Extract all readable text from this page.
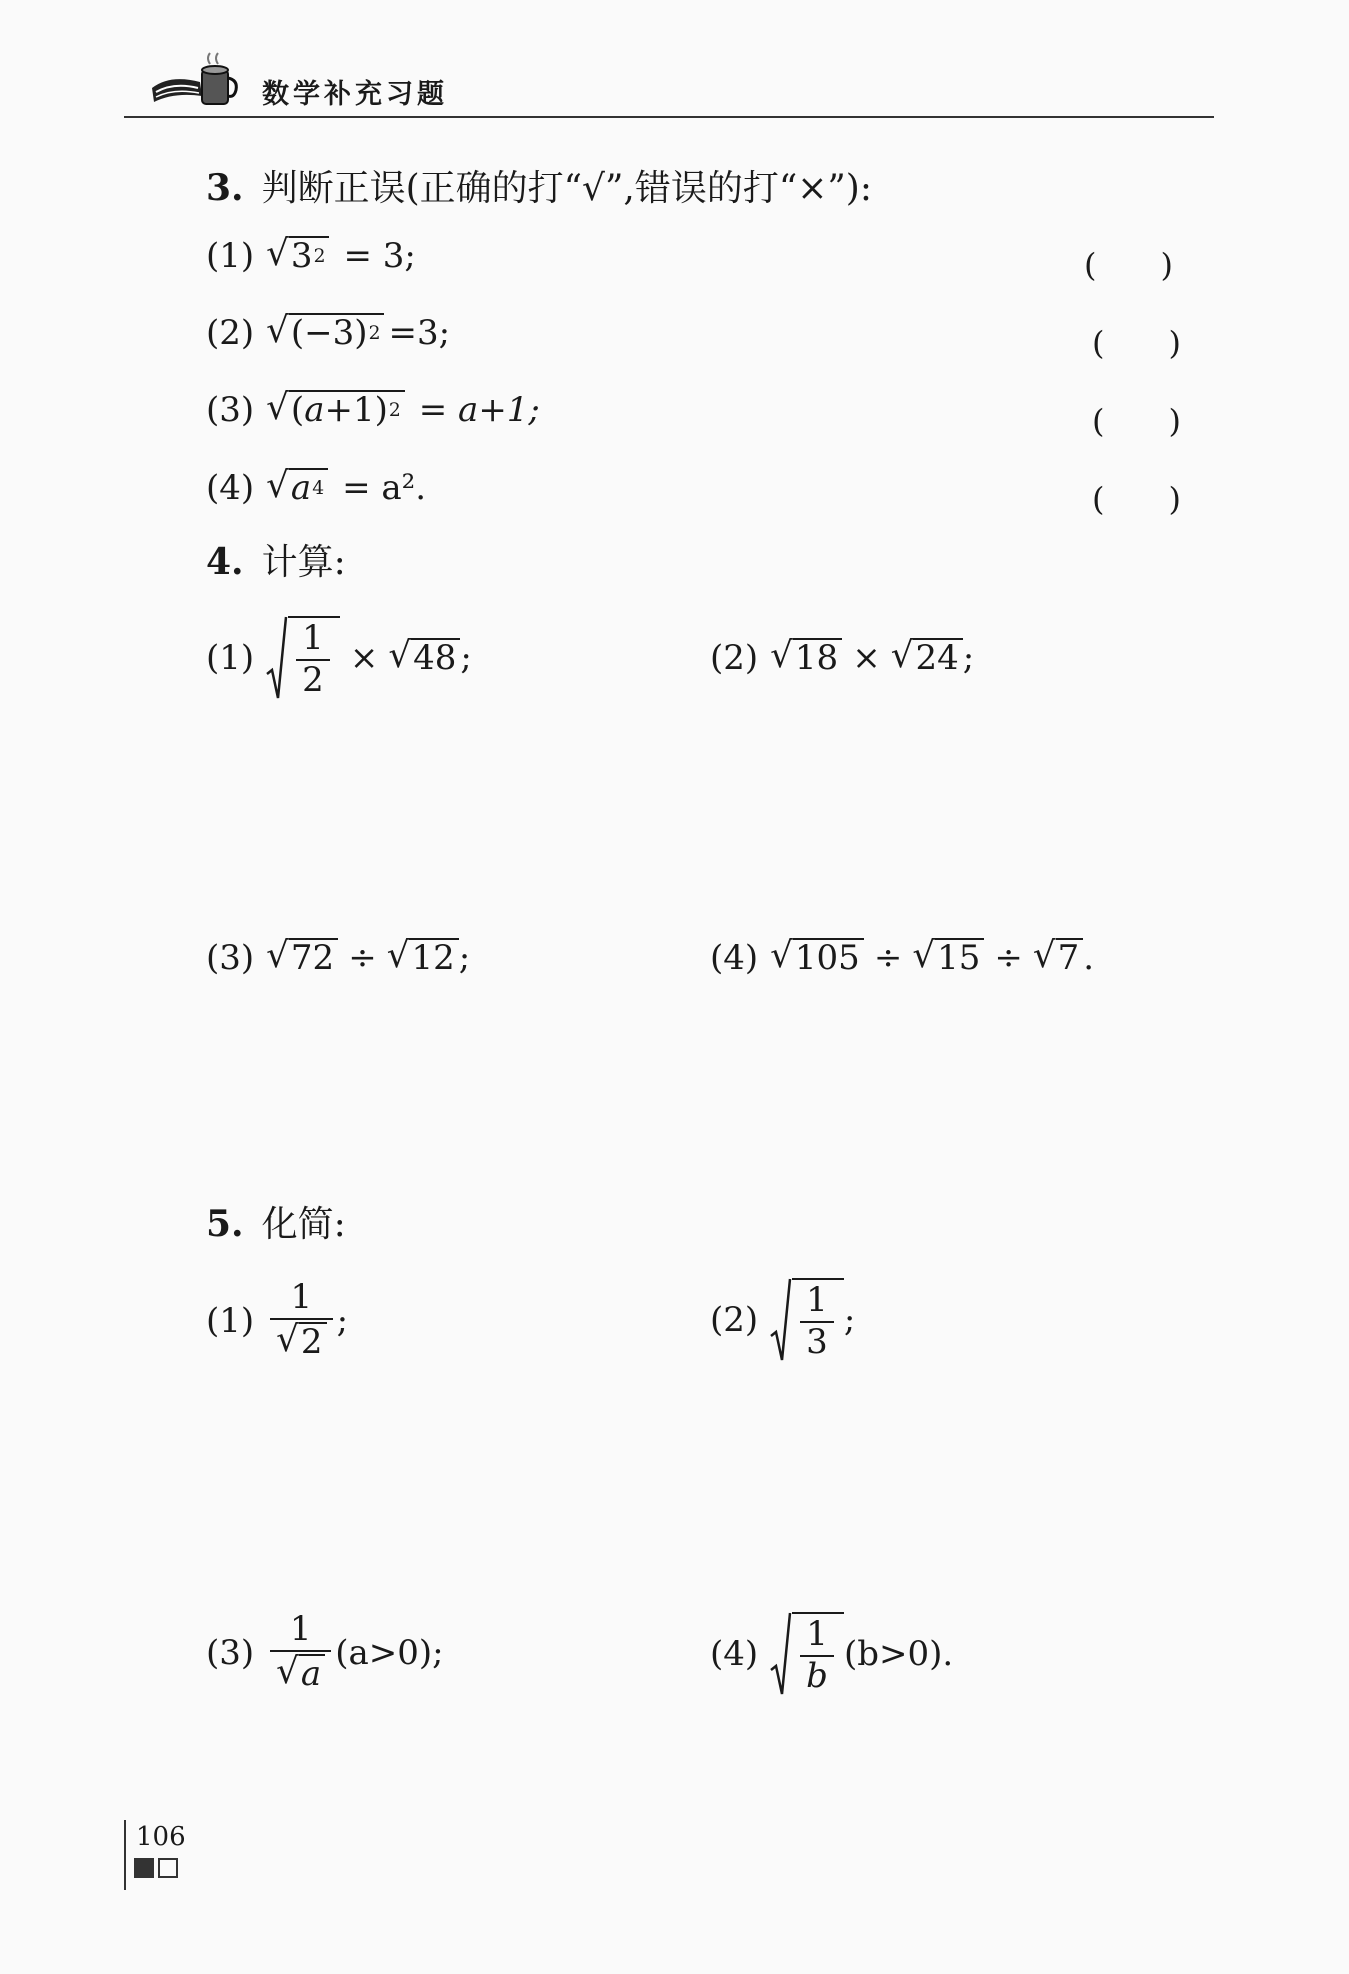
数学补充习题
3. 判断正误(正确的打“√”,错误的打“×”):
(1) √ 3 2 = 3;	(　　)
(2) √ (−3) 2 =3;	(　　)
(3) √ ( a +1) 2 = a+1;	(　　)
(4) √ a 4 = a².	(　　)
4. 计算:
$(1) \frac{1}{2}$ × √ 48 ;	(2) √ 18 × √ 24 ;
(3) √ 72 ÷ √ 12 ;	(4) √ 105 ÷ √ 15 ÷ √ 7 .
5. 化简:
$(1) \frac{1}{√ 2}$ ;	$(2) \frac{1}{3}$ ;
$(3) \frac{1}{√ a} (a>0)$;	$(4) \frac{1}{b} (b>0)$.
106
